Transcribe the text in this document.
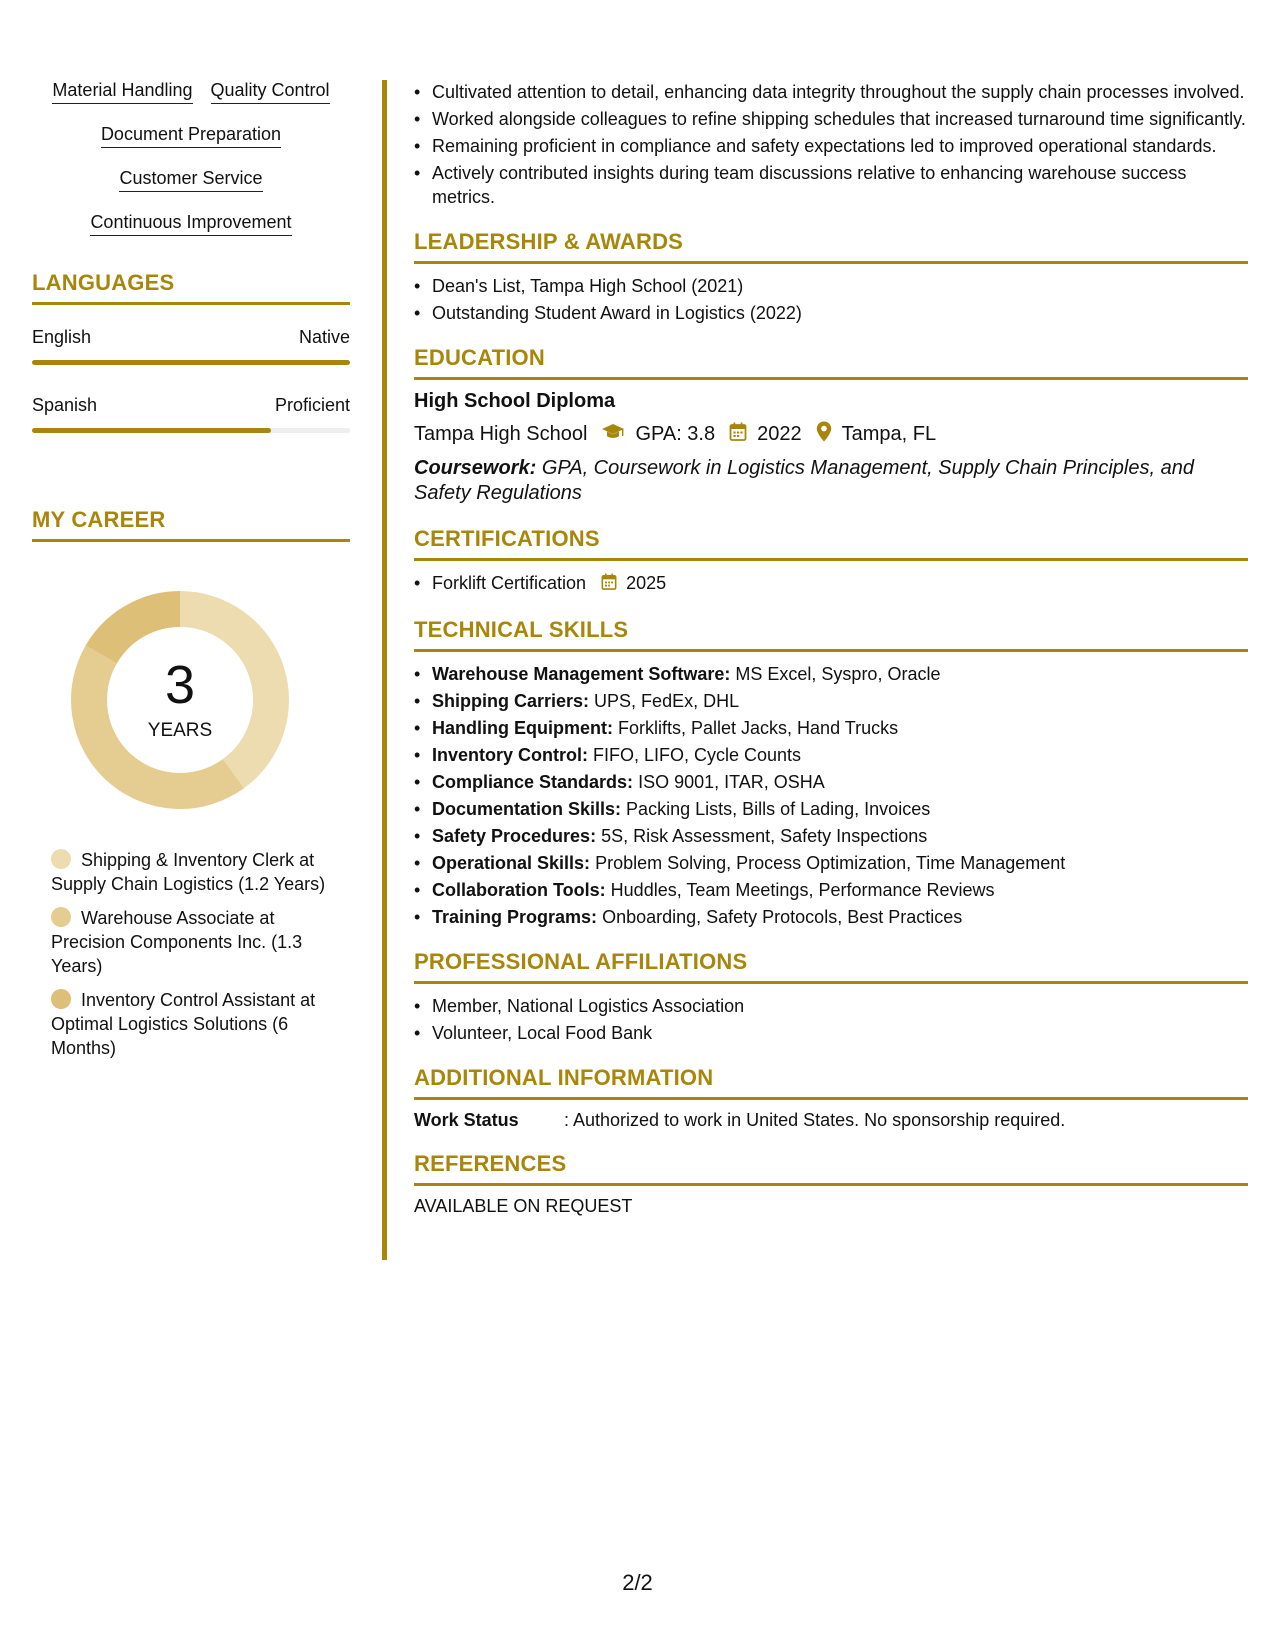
Material Handling Quality Control
Document Preparation
Customer Service
Continuous Improvement
LANGUAGES
English	Native
Spanish	Proficient
MY CAREER
3
YEARS
Shipping & Inventory Clerk at Supply Chain Logistics (1.2 Years)
Warehouse Associate at Precision Components Inc. (1.3 Years)
Inventory Control Assistant at Optimal Logistics Solutions (6 Months)
• Cultivated attention to detail, enhancing data integrity throughout the supply chain processes involved.
• Worked alongside colleagues to refine shipping schedules that increased turnaround time significantly.
• Remaining proficient in compliance and safety expectations led to improved operational standards.
• Actively contributed insights during team discussions relative to enhancing warehouse success metrics.
LEADERSHIP & AWARDS
• Dean's List, Tampa High School (2021)
• Outstanding Student Award in Logistics (2022)
EDUCATION
High School Diploma
Tampa High School GPA: 3.8 2022 Tampa, FL
Coursework: GPA, Coursework in Logistics Management, Supply Chain Principles, and Safety Regulations
CERTIFICATIONS
• Forklift Certification 2025
TECHNICAL SKILLS
• Warehouse Management Software: MS Excel, Syspro, Oracle
• Shipping Carriers: UPS, FedEx, DHL
• Handling Equipment: Forklifts, Pallet Jacks, Hand Trucks
• Inventory Control: FIFO, LIFO, Cycle Counts
• Compliance Standards: ISO 9001, ITAR, OSHA
• Documentation Skills: Packing Lists, Bills of Lading, Invoices
• Safety Procedures: 5S, Risk Assessment, Safety Inspections
• Operational Skills: Problem Solving, Process Optimization, Time Management
• Collaboration Tools: Huddles, Team Meetings, Performance Reviews
• Training Programs: Onboarding, Safety Protocols, Best Practices
PROFESSIONAL AFFILIATIONS
• Member, National Logistics Association
• Volunteer, Local Food Bank
ADDITIONAL INFORMATION
Work Status	: Authorized to work in United States. No sponsorship required.
REFERENCES
AVAILABLE ON REQUEST
2/2
